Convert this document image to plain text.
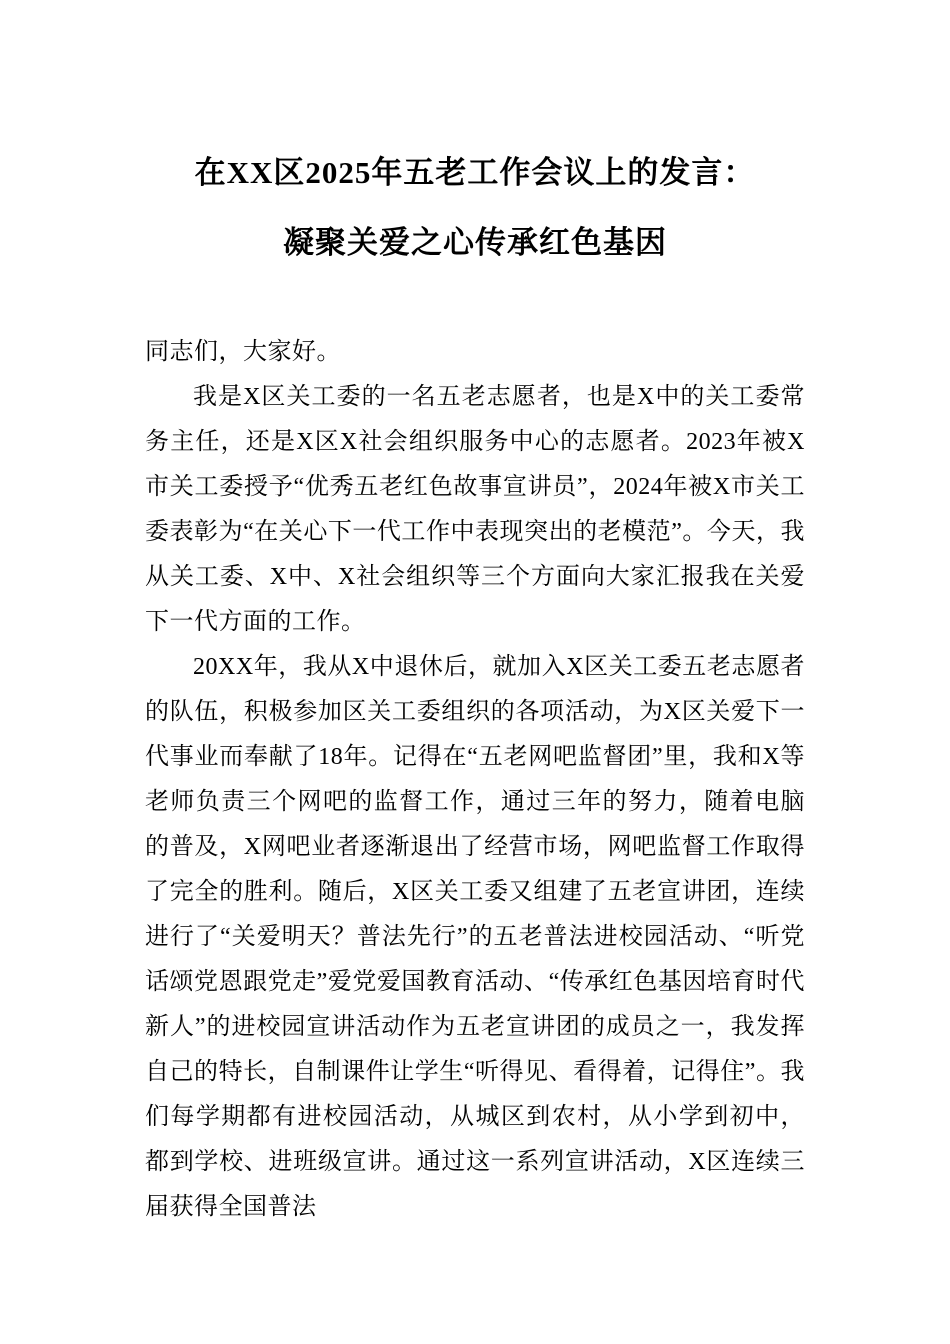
在XX区2025年五老工作会议上的发言：
凝聚关爱之心传承红色基因

同志们，大家好。

我是X区关工委的一名五老志愿者，也是X中的关工委常务主任，还是X区X社会组织服务中心的志愿者。2023年被X市关工委授予“优秀五老红色故事宣讲员”，2024年被X市关工委表彰为“在关心下一代工作中表现突出的老模范”。今天，我从关工委、X中、X社会组织等三个方面向大家汇报我在关爱下一代方面的工作。

20XX年，我从X中退休后，就加入X区关工委五老志愿者的队伍，积极参加区关工委组织的各项活动，为X区关爱下一代事业而奉献了18年。记得在“五老网吧监督团”里，我和X等老师负责三个网吧的监督工作，通过三年的努力，随着电脑的普及，X网吧业者逐渐退出了经营市场，网吧监督工作取得了完全的胜利。随后，X区关工委又组建了五老宣讲团，连续进行了“关爱明天？普法先行”的五老普法进校园活动、“听党话颂党恩跟党走”爱党爱国教育活动、“传承红色基因培育时代新人”的进校园宣讲活动作为五老宣讲团的成员之一，我发挥自己的特长，自制课件让学生“听得见、看得着，记得住”。我们每学期都有进校园活动，从城区到农村，从小学到初中，都到学校、进班级宣讲。通过这一系列宣讲活动，X区连续三届获得全国普法
